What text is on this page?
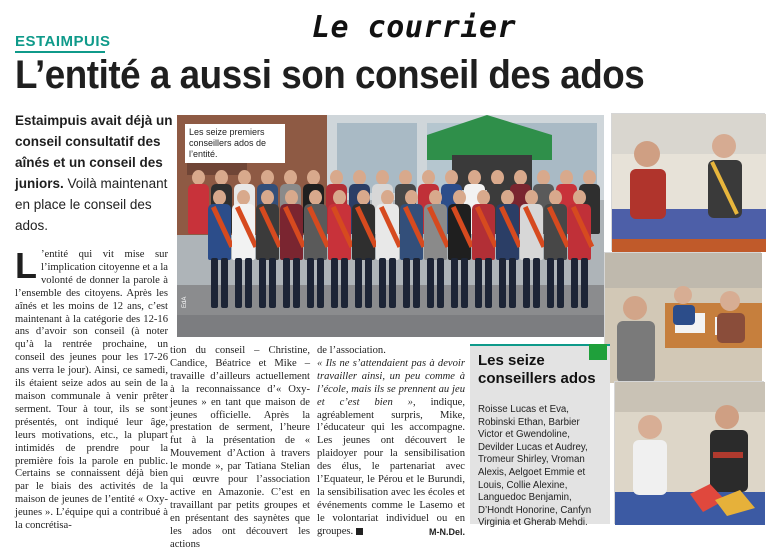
Le courrier
ESTAIMPUIS
L’entité a aussi son conseil des ados
Estaimpuis avait déjà un conseil consultatif des aînés et un conseil des juniors. Voilà maintenant en place le conseil des ados.
Les seize premiers conseillers ados de l’entité.
EdA
L ’entité qui vit mise sur l’implication citoyenne et a la volonté de donner la parole à l’ensemble des citoyens. Après les aînés et les moins de 12 ans, c’est maintenant à la catégorie des 12-16 ans d’avoir son conseil (à noter qu’à la rentrée prochaine, un conseil des jeunes pour les 17-26 ans verra le jour). Ainsi, ce samedi, ils étaient seize ados au sein de la maison communale à venir prêter serment. Tour à tour, ils se sont présentés, ont indiqué leur âge, leurs motivations, etc., la plupart intimidés de prendre pour la première fois la parole en public. Certains se connaissent déjà bien par le biais des activités de la maison de jeunes de l’entité « Oxy-jeunes ». L’équipe qui a contribué à la concrétisa-
tion du conseil – Christine, Candice, Béatrice et Mike – travaille d’ailleurs actuellement à la reconnaissance d’« Oxy-jeunes » en tant que maison de jeunes officielle. Après la prestation de serment, l’heure fut à la présentation de « Mouvement d’Action à travers le monde », par Tatiana Stelian qui œuvre pour l’association active en Amazonie. C’est en travaillant par petits groupes et en présentant des saynètes que les ados ont découvert les actions

de l’association.

« Ils ne s’attendaient pas à devoir travailler ainsi, un peu comme à l’école, mais ils se prennent au jeu et c’est bien », indique, agréablement surpris, Mike, l’éducateur qui les accompagne. Les jeunes ont découvert le plaidoyer pour la sensibilisation des élus, le partenariat avec l’Equateur, le Pérou et le Burundi, la sensibilisation avec les écoles et événements comme le Lasemo et le volontariat individuel ou en groupes.	M-N.Del.

Les seize conseillers ados
Roisse Lucas et Eva, Robinski Ethan, Barbier Victor et Gwendoline, Devilder Lucas et Audrey, Tromeur Shirley, Vroman Alexis, Aelgoet Emmie et Louis, Collie Alexine, Languedoc Benjamin, D’Hondt Honorine, Canfyn Virginia et Gherab Mehdi.
